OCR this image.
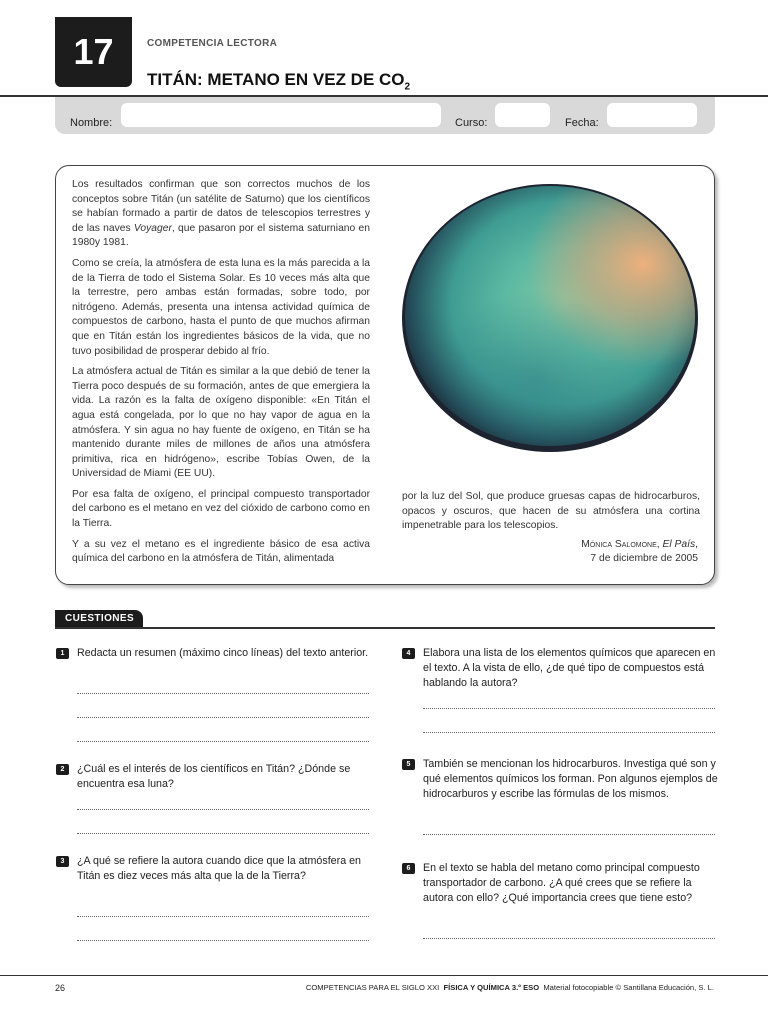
17	COMPETENCIA LECTORA
TITÁN: METANO EN VEZ DE $CO_2$
Nombre:	Curso:	Fecha:

Los resultados confirman que son correctos muchos de los conceptos sobre Titán (un satélite de Saturno) que los científicos se habían formado a partir de datos de telescopios terrestres y de las naves Voyager, que pasaron por el sistema saturniano en 1980y 1981.

Como se creía, la atmósfera de esta luna es la más parecida a la de la Tierra de todo el Sistema Solar. Es 10 veces más alta que la terrestre, pero ambas están formadas, sobre todo, por nitrógeno. Además, presenta una intensa actividad química de compuestos de carbono, hasta el punto de que muchos afirman que en Titán están los ingredientes básicos de la vida, que no tuvo posibilidad de prosperar debido al frío.

La atmósfera actual de Titán es similar a la que debió de tener la Tierra poco después de su formación, antes de que emergiera la vida. La razón es la falta de oxígeno disponible: «En Titán el agua está congelada, por lo que no hay vapor de agua en la atmósfera. Y sin agua no hay fuente de oxígeno, en Titán se ha mantenido durante miles de millones de años una atmósfera primitiva, rica en hidrógeno», escribe Tobías Owen, de la Universidad de Miami (EE UU).

Por esa falta de oxígeno, el principal compuesto transportador del carbono es el metano en vez del cióxido de carbono como en la Tierra.

Y a su vez el metano es el ingrediente básico de esa activa química del carbono en la atmósfera de Titán, alimentada

por la luz del Sol, que produce gruesas capas de hidrocarburos, opacos y oscuros, que hacen de su atmósfera una cortina impenetrable para los telescopios.
Mónica Salomone, El País,
7 de diciembre de 2005
CUESTIONES
1	Redacta un resumen (máximo cinco líneas) del texto anterior.
2	¿Cuál es el interés de los científicos en Titán? ¿Dónde se encuentra esa luna?
3	¿A qué se refiere la autora cuando dice que la atmósfera en Titán es diez veces más alta que la de la Tierra?
4	Elabora una lista de los elementos químicos que aparecen en el texto. A la vista de ello, ¿de qué tipo de compuestos está hablando la autora?
5	También se mencionan los hidrocarburos. Investiga qué son y qué elementos químicos los forman. Pon algunos ejemplos de hidrocarburos y escribe las fórmulas de los mismos.
6	En el texto se habla del metano como principal compuesto transportador de carbono. ¿A qué crees que se refiere la autora con ello? ¿Qué importancia crees que tiene esto?
26	COMPETENCIAS PARA EL SIGLO XXI FÍSICA Y QUÍMICA 3.º ESO Material fotocopiable © Santillana Educación, S. L.
